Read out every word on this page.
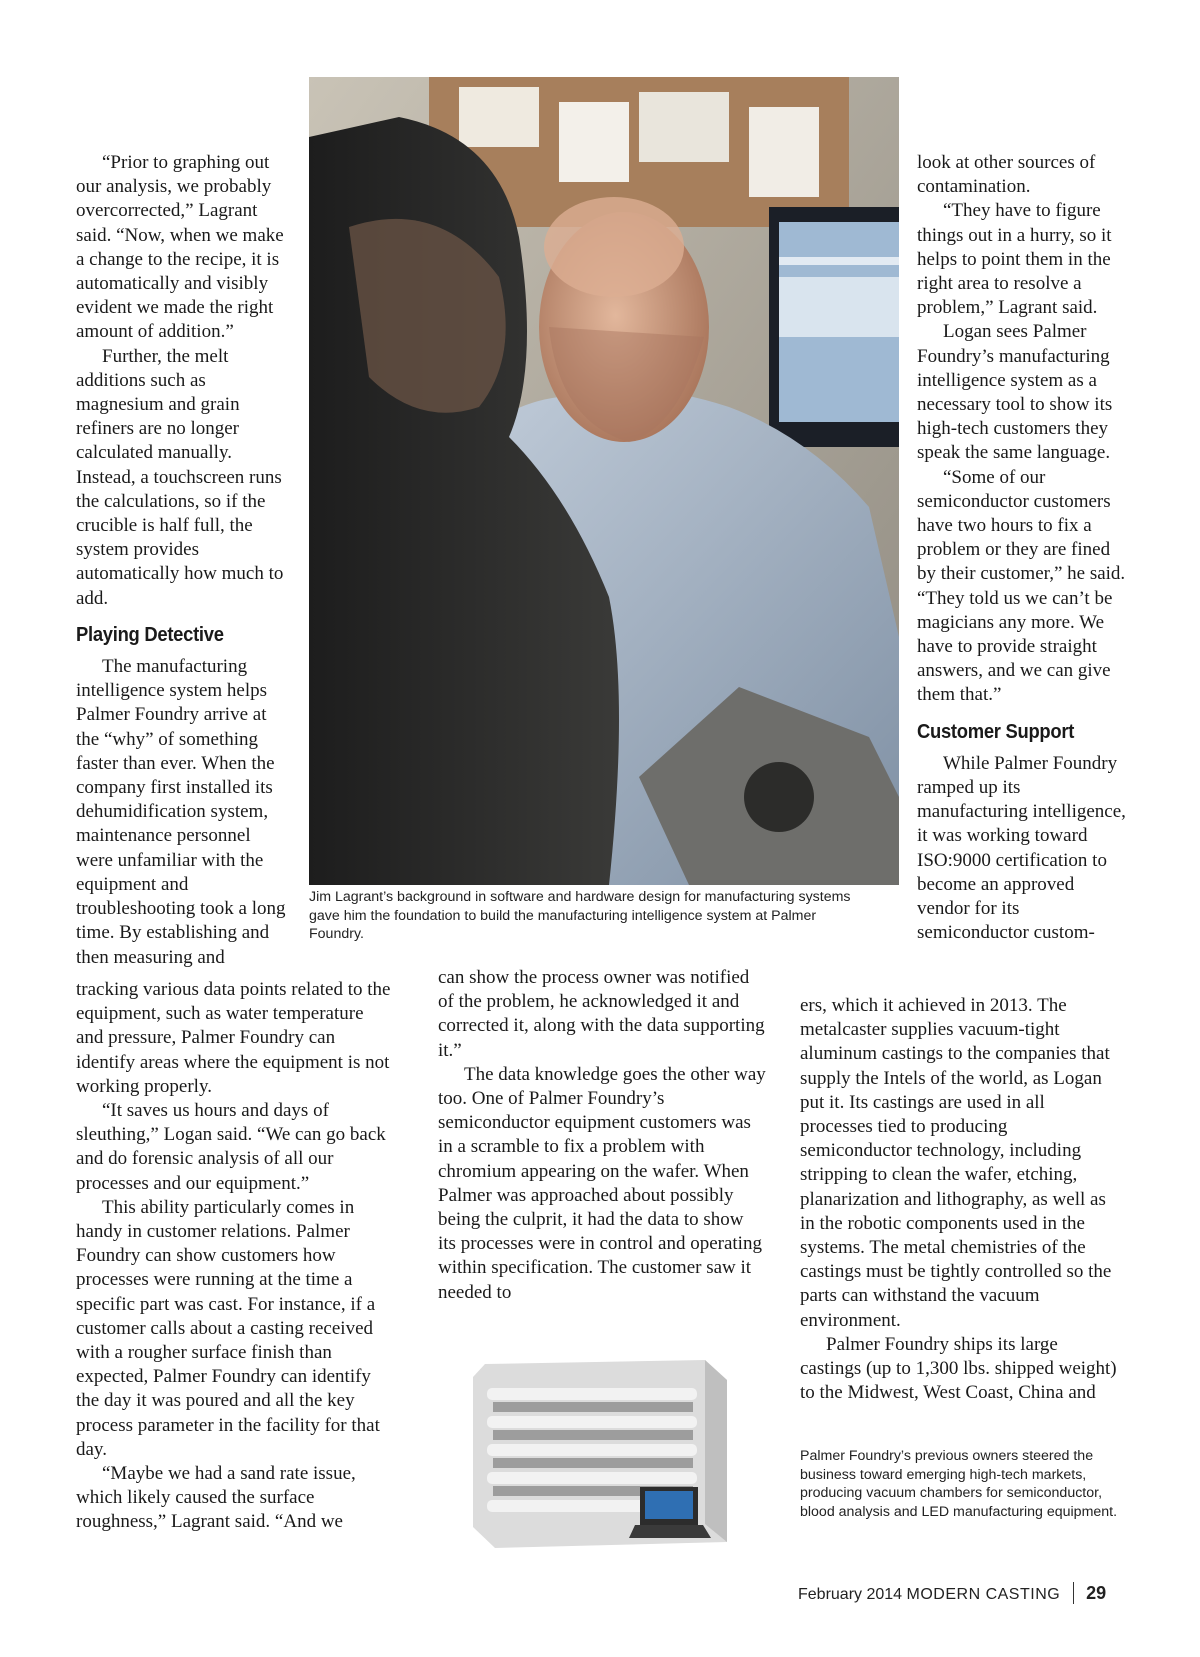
“Prior to graphing out our analysis, we probably overcorrected,” Lagrant said. “Now, when we make a change to the recipe, it is automatically and visibly evident we made the right amount of addition.”

Further, the melt additions such as magnesium and grain refiners are no longer calculated manually. Instead, a touchscreen runs the calculations, so if the crucible is half full, the system provides automatically how much to add.

Playing Detective

The manufacturing intelligence system helps Palmer Foundry arrive at the “why” of something faster than ever. When the company first installed its dehumidification system, maintenance personnel were unfamiliar with the equipment and troubleshooting took a long time. By establishing and then measuring and

tracking various data points related to the equipment, such as water temperature and pressure, Palmer Foundry can identify areas where the equipment is not working properly.

“It saves us hours and days of sleuthing,” Logan said. “We can go back and do forensic analysis of all our processes and our equipment.”

This ability particularly comes in handy in customer relations. Palmer Foundry can show customers how processes were running at the time a specific part was cast. For instance, if a customer calls about a casting received with a rougher surface finish than expected, Palmer Foundry can identify the day it was poured and all the key process parameter in the facility for that day.

“Maybe we had a sand rate issue, which likely caused the surface roughness,” Lagrant said. “And we

Jim Lagrant’s background in software and hardware design for manufacturing systems gave him the foundation to build the manufacturing intelligence system at Palmer Foundry.

can show the process owner was notified of the problem, he acknowledged it and corrected it, along with the data supporting it.”

The data knowledge goes the other way too. One of Palmer Foundry’s semiconductor equipment customers was in a scramble to fix a problem with chromium appearing on the wafer. When Palmer was approached about possibly being the culprit, it had the data to show its processes were in control and operating within specification. The customer saw it needed to

look at other sources of contamination.

“They have to figure things out in a hurry, so it helps to point them in the right area to resolve a problem,” Lagrant said.

Logan sees Palmer Foundry’s manufacturing intelligence system as a necessary tool to show its high-tech customers they speak the same language.

“Some of our semiconductor customers have two hours to fix a problem or they are fined by their customer,” he said. “They told us we can’t be magicians any more. We have to provide straight answers, and we can give them that.”

Customer Support

While Palmer Foundry ramped up its manufacturing intelligence, it was working toward ISO:9000 certification to become an approved vendor for its semiconductor custom-

ers, which it achieved in 2013. The metalcaster supplies vacuum-tight aluminum castings to the companies that supply the Intels of the world, as Logan put it. Its castings are used in all processes tied to producing semiconductor technology, including stripping to clean the wafer, etching, planarization and lithography, as well as in the robotic components used in the systems. The metal chemistries of the castings must be tightly controlled so the parts can withstand the vacuum environment.

Palmer Foundry ships its large castings (up to 1,300 lbs. shipped weight) to the Midwest, West Coast, China and

Palmer Foundry’s previous owners steered the business toward emerging high-tech markets, producing vacuum chambers for semiconductor, blood analysis and LED manufacturing equipment.
February 2014 MODERN CASTING 29
